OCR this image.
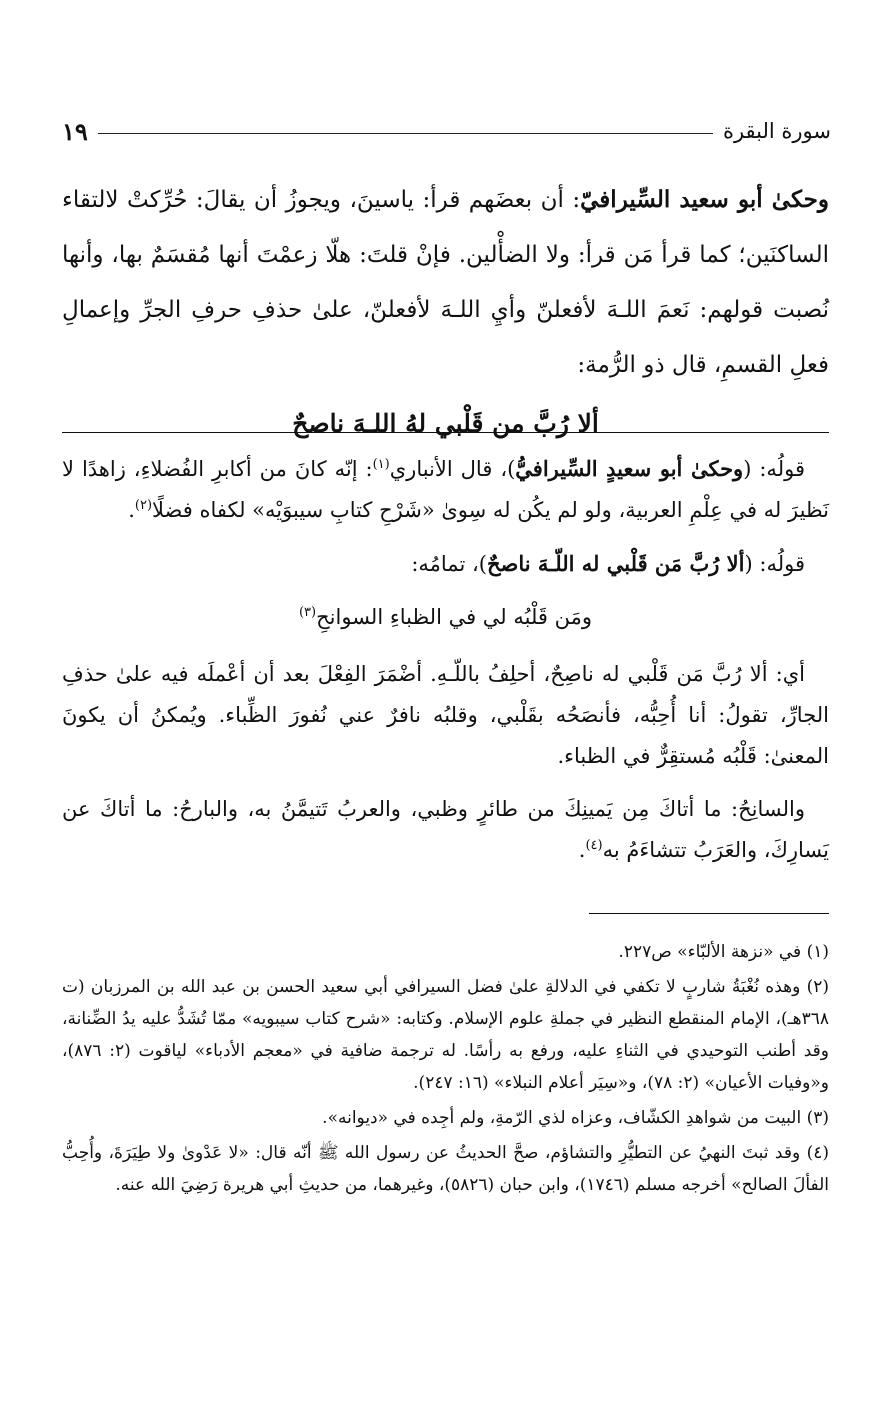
سورة البقرة
١٩

وحكىٰ أبو سعيد السِّيرافيّ: أن بعضَهم قرأ: ياسينَ، ويجوزُ أن يقالَ: حُرِّكتْ لالتقاء الساكنَين؛ كما قرأ مَن قرأ: ولا الضأْلين. فإنْ قلتَ: هلّا زعمْتَ أنها مُقسَمٌ بها، وأنها نُصبت قولهم: نَعمَ اللـهَ لأفعلنّ وأيِ اللـهَ لأفعلنّ، علىٰ حذفِ حرفِ الجرِّ وإعمالِ فعلِ القسمِ، قال ذو الرُّمة:

ألا رُبَّ من قَلْبي لهُ اللـهَ ناصحٌ

قولُه: (وحكىٰ أبو سعيدٍ السِّيرافيُّ)، قال الأنباري$^{(١)}$: إنّه كانَ من أكابرِ الفُضلاءِ، زاهدًا لا نَظيرَ له في عِلْمِ العربية، ولو لم يكُن له سِوىٰ «شَرْحِ كتابِ سيبوَيْه» لكفاه فضلًا$^{(٢)}$.

قولُه: (ألا رُبَّ مَن قَلْبي له اللّـهَ ناصحٌ)، تمامُه:

ومَن قَلْبُه لي في الظباءِ السوانحِ$^{(٣)}$

أي: ألا رُبَّ مَن قَلْبي له ناصِحٌ، أحلِفُ باللّـهِ. أضْمَرَ الفِعْلَ بعد أن أعْملَه فيه علىٰ حذفِ الجارِّ، تقولُ: أنا أُحِبُّه، فأنصَحُه بقَلْبي، وقلبُه نافرٌ عني نُفورَ الظِّباء. ويُمكنُ أن يكونَ المعنىٰ: قَلْبُه مُستقِرٌّ في الظباء.

والسانِحُ: ما أتاكَ مِن يَمينِكَ من طائرٍ وظبي، والعربُ تَتيمَّنُ به، والبارحُ: ما أتاكَ عن يَسارِكَ، والعَرَبُ تتشاءَمُ به$^{(٤)}$.

(١) في «نزهة الألبّاء» ص٢٢٧.

(٢) وهذه نُغْبَةُ شاربٍ لا تكفي في الدلالةِ علىٰ فضل السيرافي أبي سعيد الحسن بن عبد الله بن المرزبان (ت ٣٦٨هـ)، الإمام المنقطع النظير في جملةِ علوم الإسلام. وكتابه: «شرح كتاب سيبويه» ممّا تُشَدُّ عليه يدُ الضِّنانة، وقد أطنب التوحيدي في الثناءِ عليه، ورفع به رأسًا. له ترجمة ضافية في «معجم الأدباء» لياقوت (٢: ٨٧٦)، و«وفيات الأعيان» (٢: ٧٨)، و«سِيَر أعلام النبلاء» (١٦: ٢٤٧).

(٣) البيت من شواهدِ الكشّاف، وعزاه لذي الرّمةِ، ولم أجِده في «ديوانه».

(٤) وقد ثبتَ النهيُ عن التطيُّرِ والتشاؤم، صحَّ الحديثُ عن رسول الله ﷺ أنّه قال: «لا عَدْوىٰ ولا طِيَرَةَ، وأُحِبُّ الفألَ الصالح» أخرجه مسلم (١٧٤٦)، وابن حبان (٥٨٢٦)، وغيرهما، من حديثِ أبي هريرة رَضِيَ الله عنه.
